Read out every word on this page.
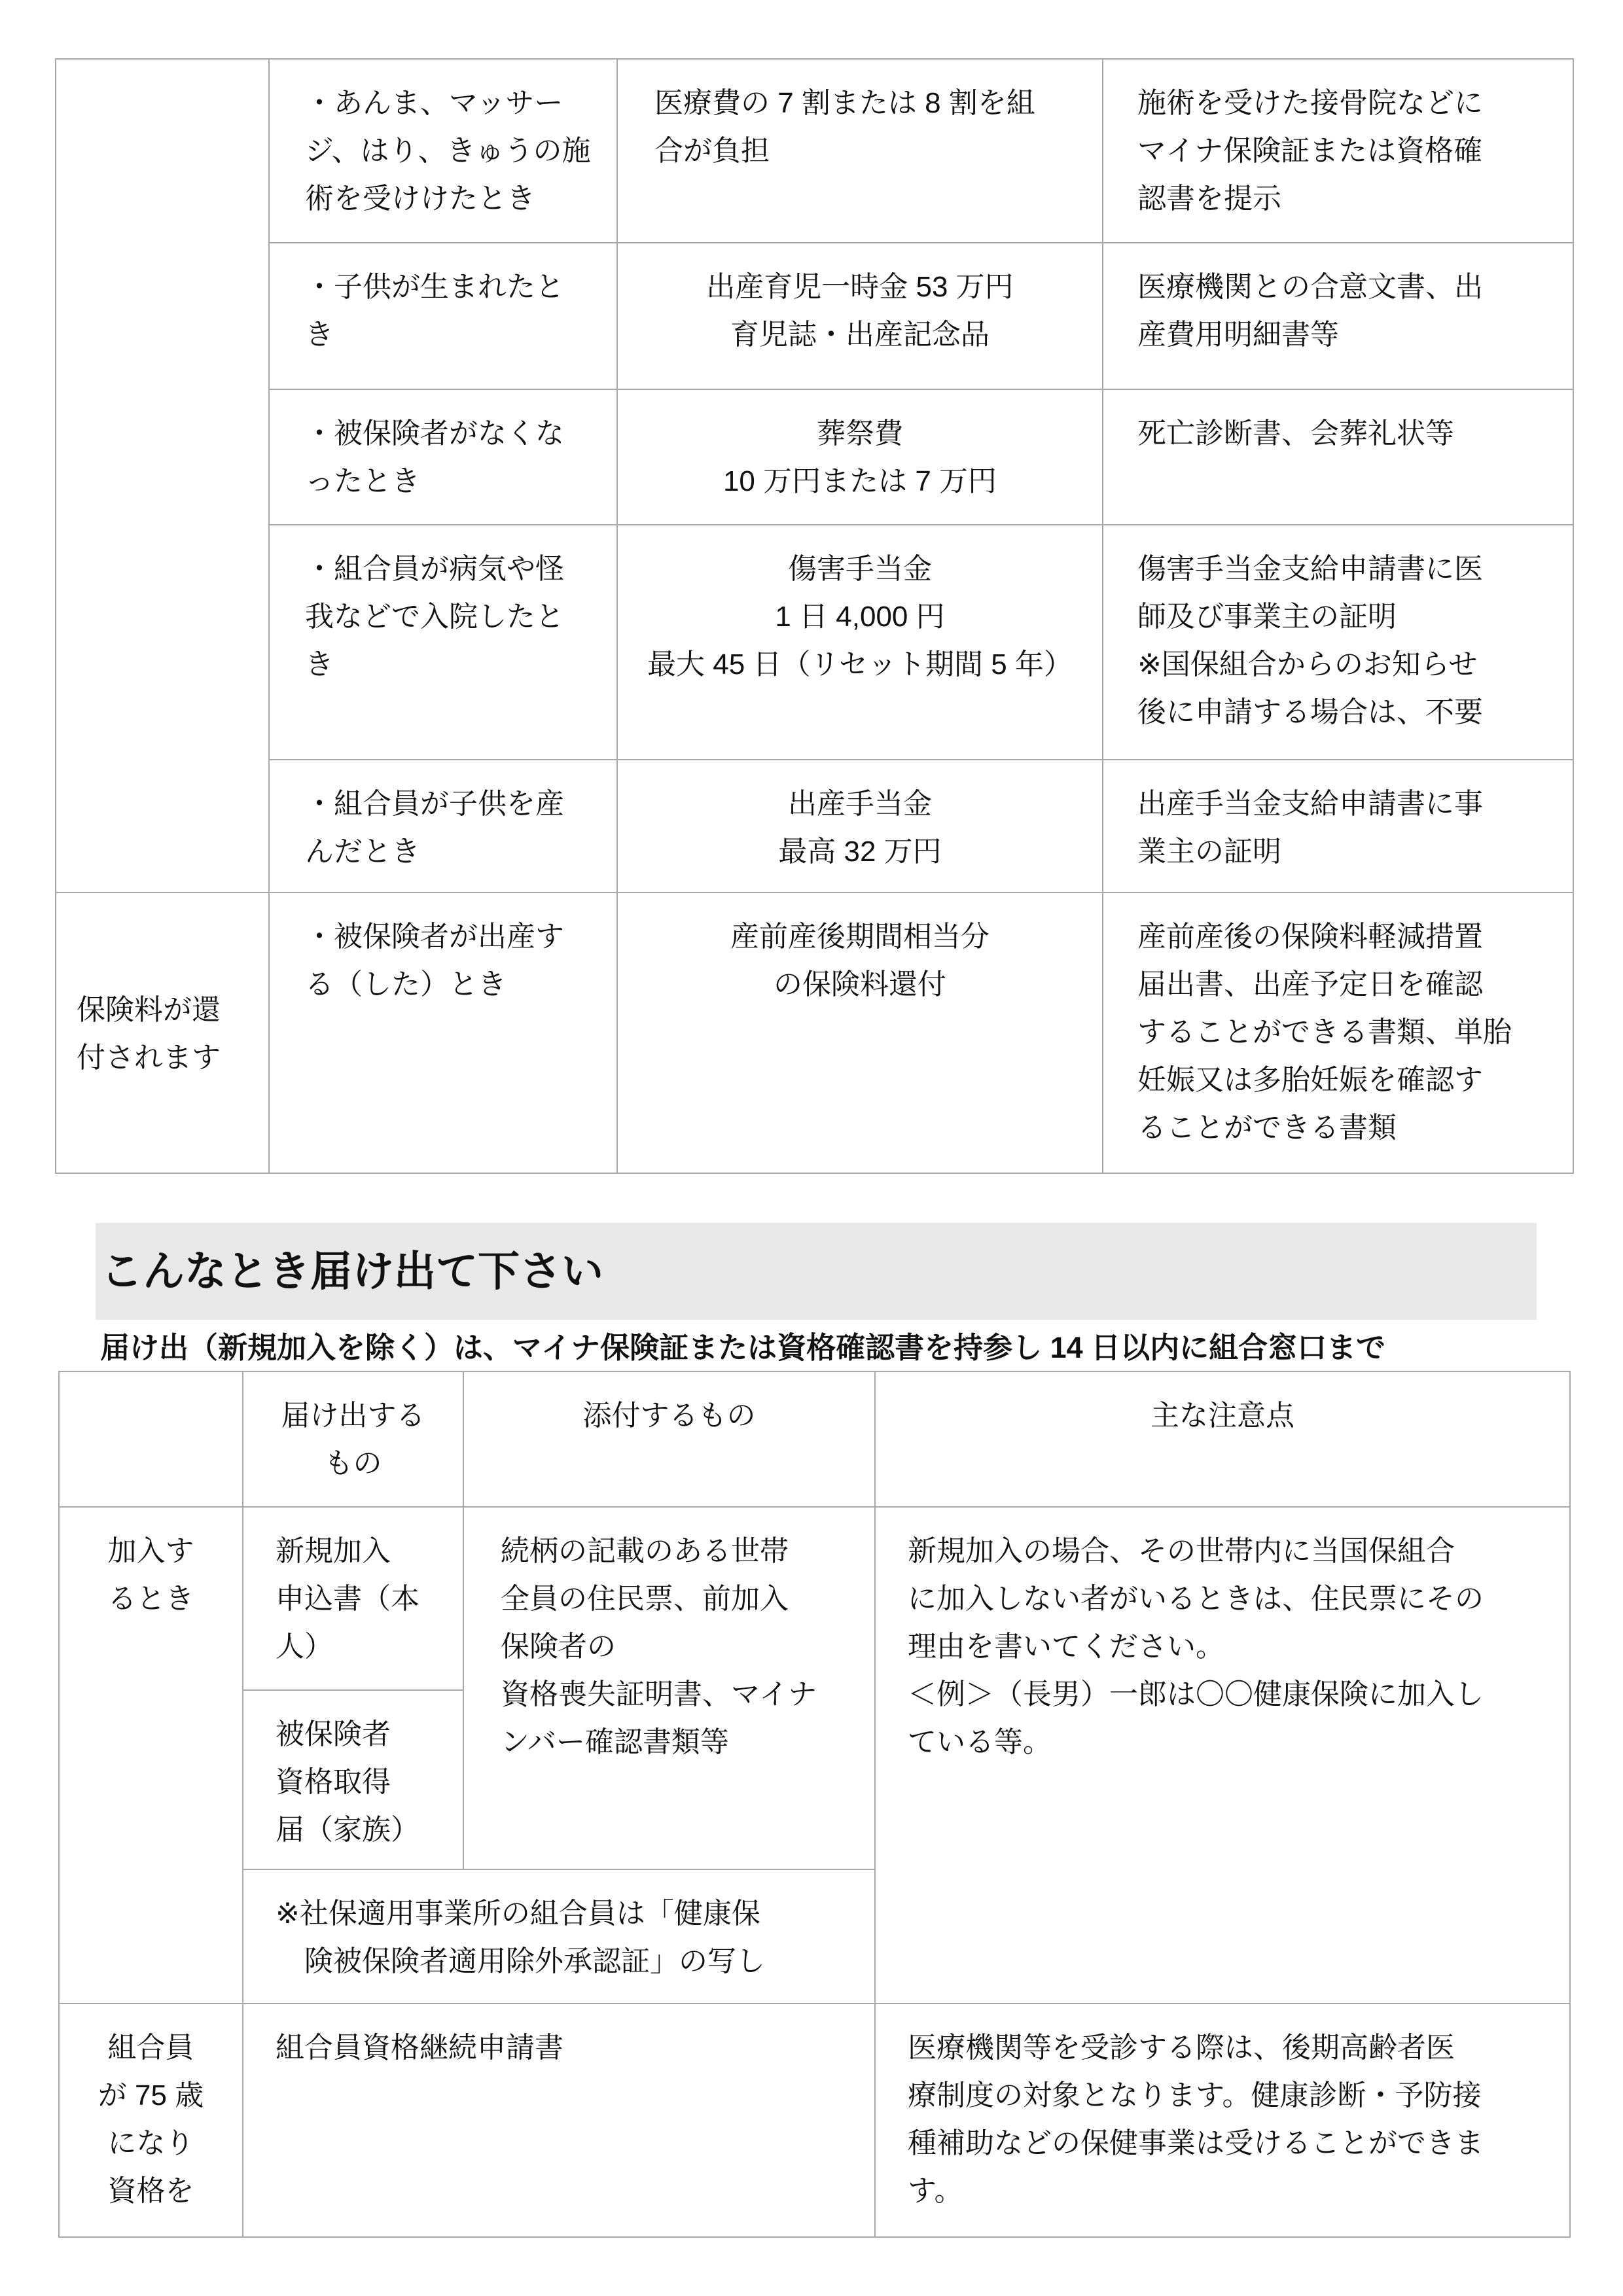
・あんま、マッサー
ジ、はり、きゅうの施
術を受けけたとき
医療費の 7 割または 8 割を組
合が負担
施術を受けた接骨院などに
マイナ保険証または資格確
認書を提示
・子供が生まれたと
き
出産育児一時金 53 万円
育児誌・出産記念品
医療機関との合意文書、出
産費用明細書等
・被保険者がなくな
ったとき
葬祭費
10 万円または 7 万円
死亡診断書、会葬礼状等
・組合員が病気や怪
我などで入院したと
き
傷害手当金
1 日 4,000 円
最大 45 日（リセット期間 5 年）
傷害手当金支給申請書に医
師及び事業主の証明
※国保組合からのお知らせ
後に申請する場合は、不要
・組合員が子供を産
んだとき
出産手当金
最高 32 万円
出産手当金支給申請書に事
業主の証明
保険料が還
付されます
・被保険者が出産す
る（した）とき
産前産後期間相当分
の保険料還付
産前産後の保険料軽減措置
届出書、出産予定日を確認
することができる書類、単胎
妊娠又は多胎妊娠を確認す
ることができる書類
こんなとき届け出て下さい
届け出（新規加入を除く）は、マイナ保険証または資格確認書を持参し 14 日以内に組合窓口まで
届け出する
もの
添付するもの	主な注意点
加入す
るとき
新規加入
申込書（本
人）
被保険者
資格取得
届（家族）
続柄の記載のある世帯
全員の住民票、前加入
保険者の
資格喪失証明書、マイナ
ンバー確認書類等
※社保適用事業所の組合員は「健康保
険被保険者適用除外承認証」の写し
新規加入の場合、その世帯内に当国保組合
に加入しない者がいるときは、住民票にその
理由を書いてください。
＜例＞（長男）一郎は〇〇健康保険に加入し
ている等。
組合員
が 75 歳
になり
資格を
組合員資格継続申請書	医療機関等を受診する際は、後期高齢者医
療制度の対象となります。健康診断・予防接
種補助などの保健事業は受けることができま
す。
